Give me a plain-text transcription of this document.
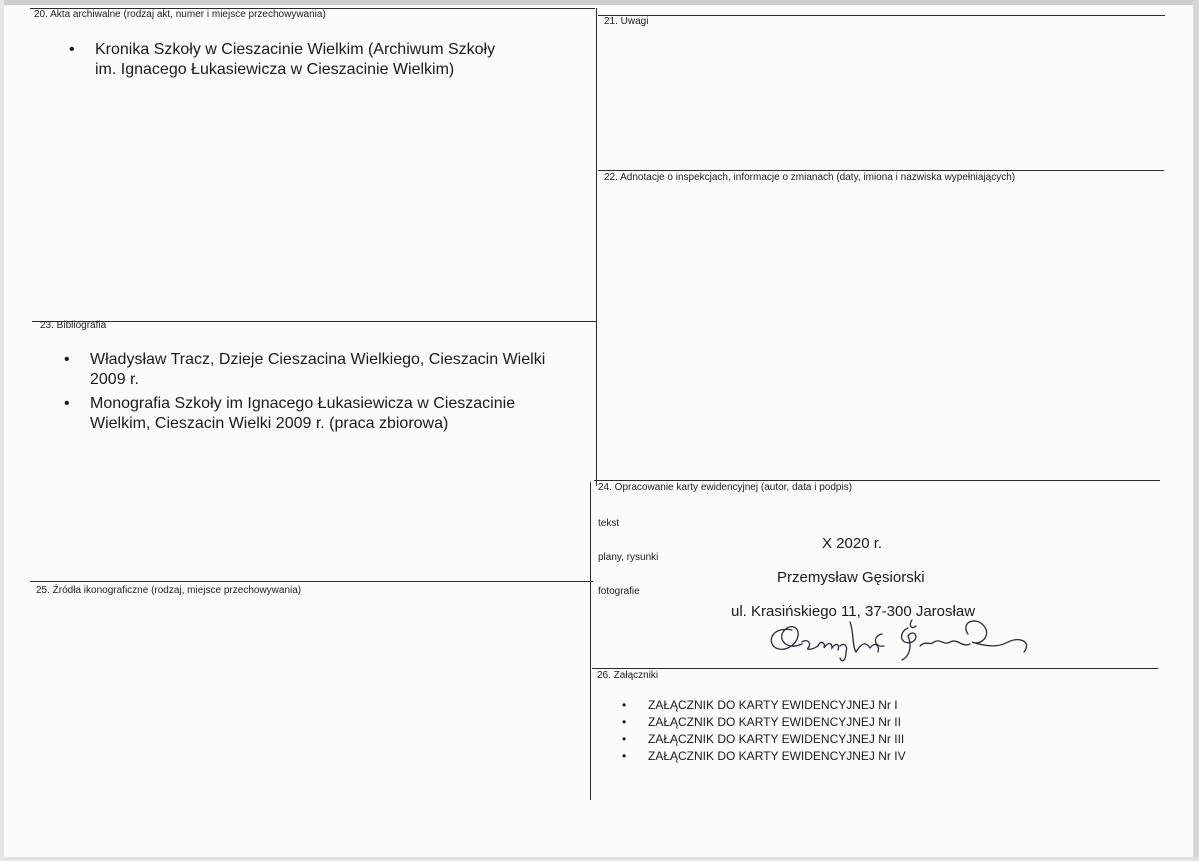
20. Akta archiwalne (rodzaj akt, numer i miejsce przechowywania)
• Kronika Szkoły w Cieszacinie Wielkim (Archiwum Szkoły
im. Ignacego Łukasiewicza w Cieszacinie Wielkim)
21. Uwagi
22. Adnotacje o inspekcjach, informacje o zmianach (daty, imiona i nazwiska wypełniających)
23. Bibliografia
• Władysław Tracz, Dzieje Cieszacina Wielkiego, Cieszacin Wielki
2009 r.
• Monografia Szkoły im Ignacego Łukasiewicza w Cieszacinie
Wielkim, Cieszacin Wielki 2009 r. (praca zbiorowa)
24. Opracowanie karty ewidencyjnej (autor, data i podpis)
tekst
plany, rysunki
fotografie
X 2020 r.
Przemysław Gęsiorski
ul. Krasińskiego 11, 37-300 Jarosław
25. Źródła ikonograficzne (rodzaj, miejsce przechowywania)
26. Załączniki
• ZAŁĄCZNIK DO KARTY EWIDENCYJNEJ Nr I
• ZAŁĄCZNIK DO KARTY EWIDENCYJNEJ Nr II
• ZAŁĄCZNIK DO KARTY EWIDENCYJNEJ Nr III
• ZAŁĄCZNIK DO KARTY EWIDENCYJNEJ Nr IV
